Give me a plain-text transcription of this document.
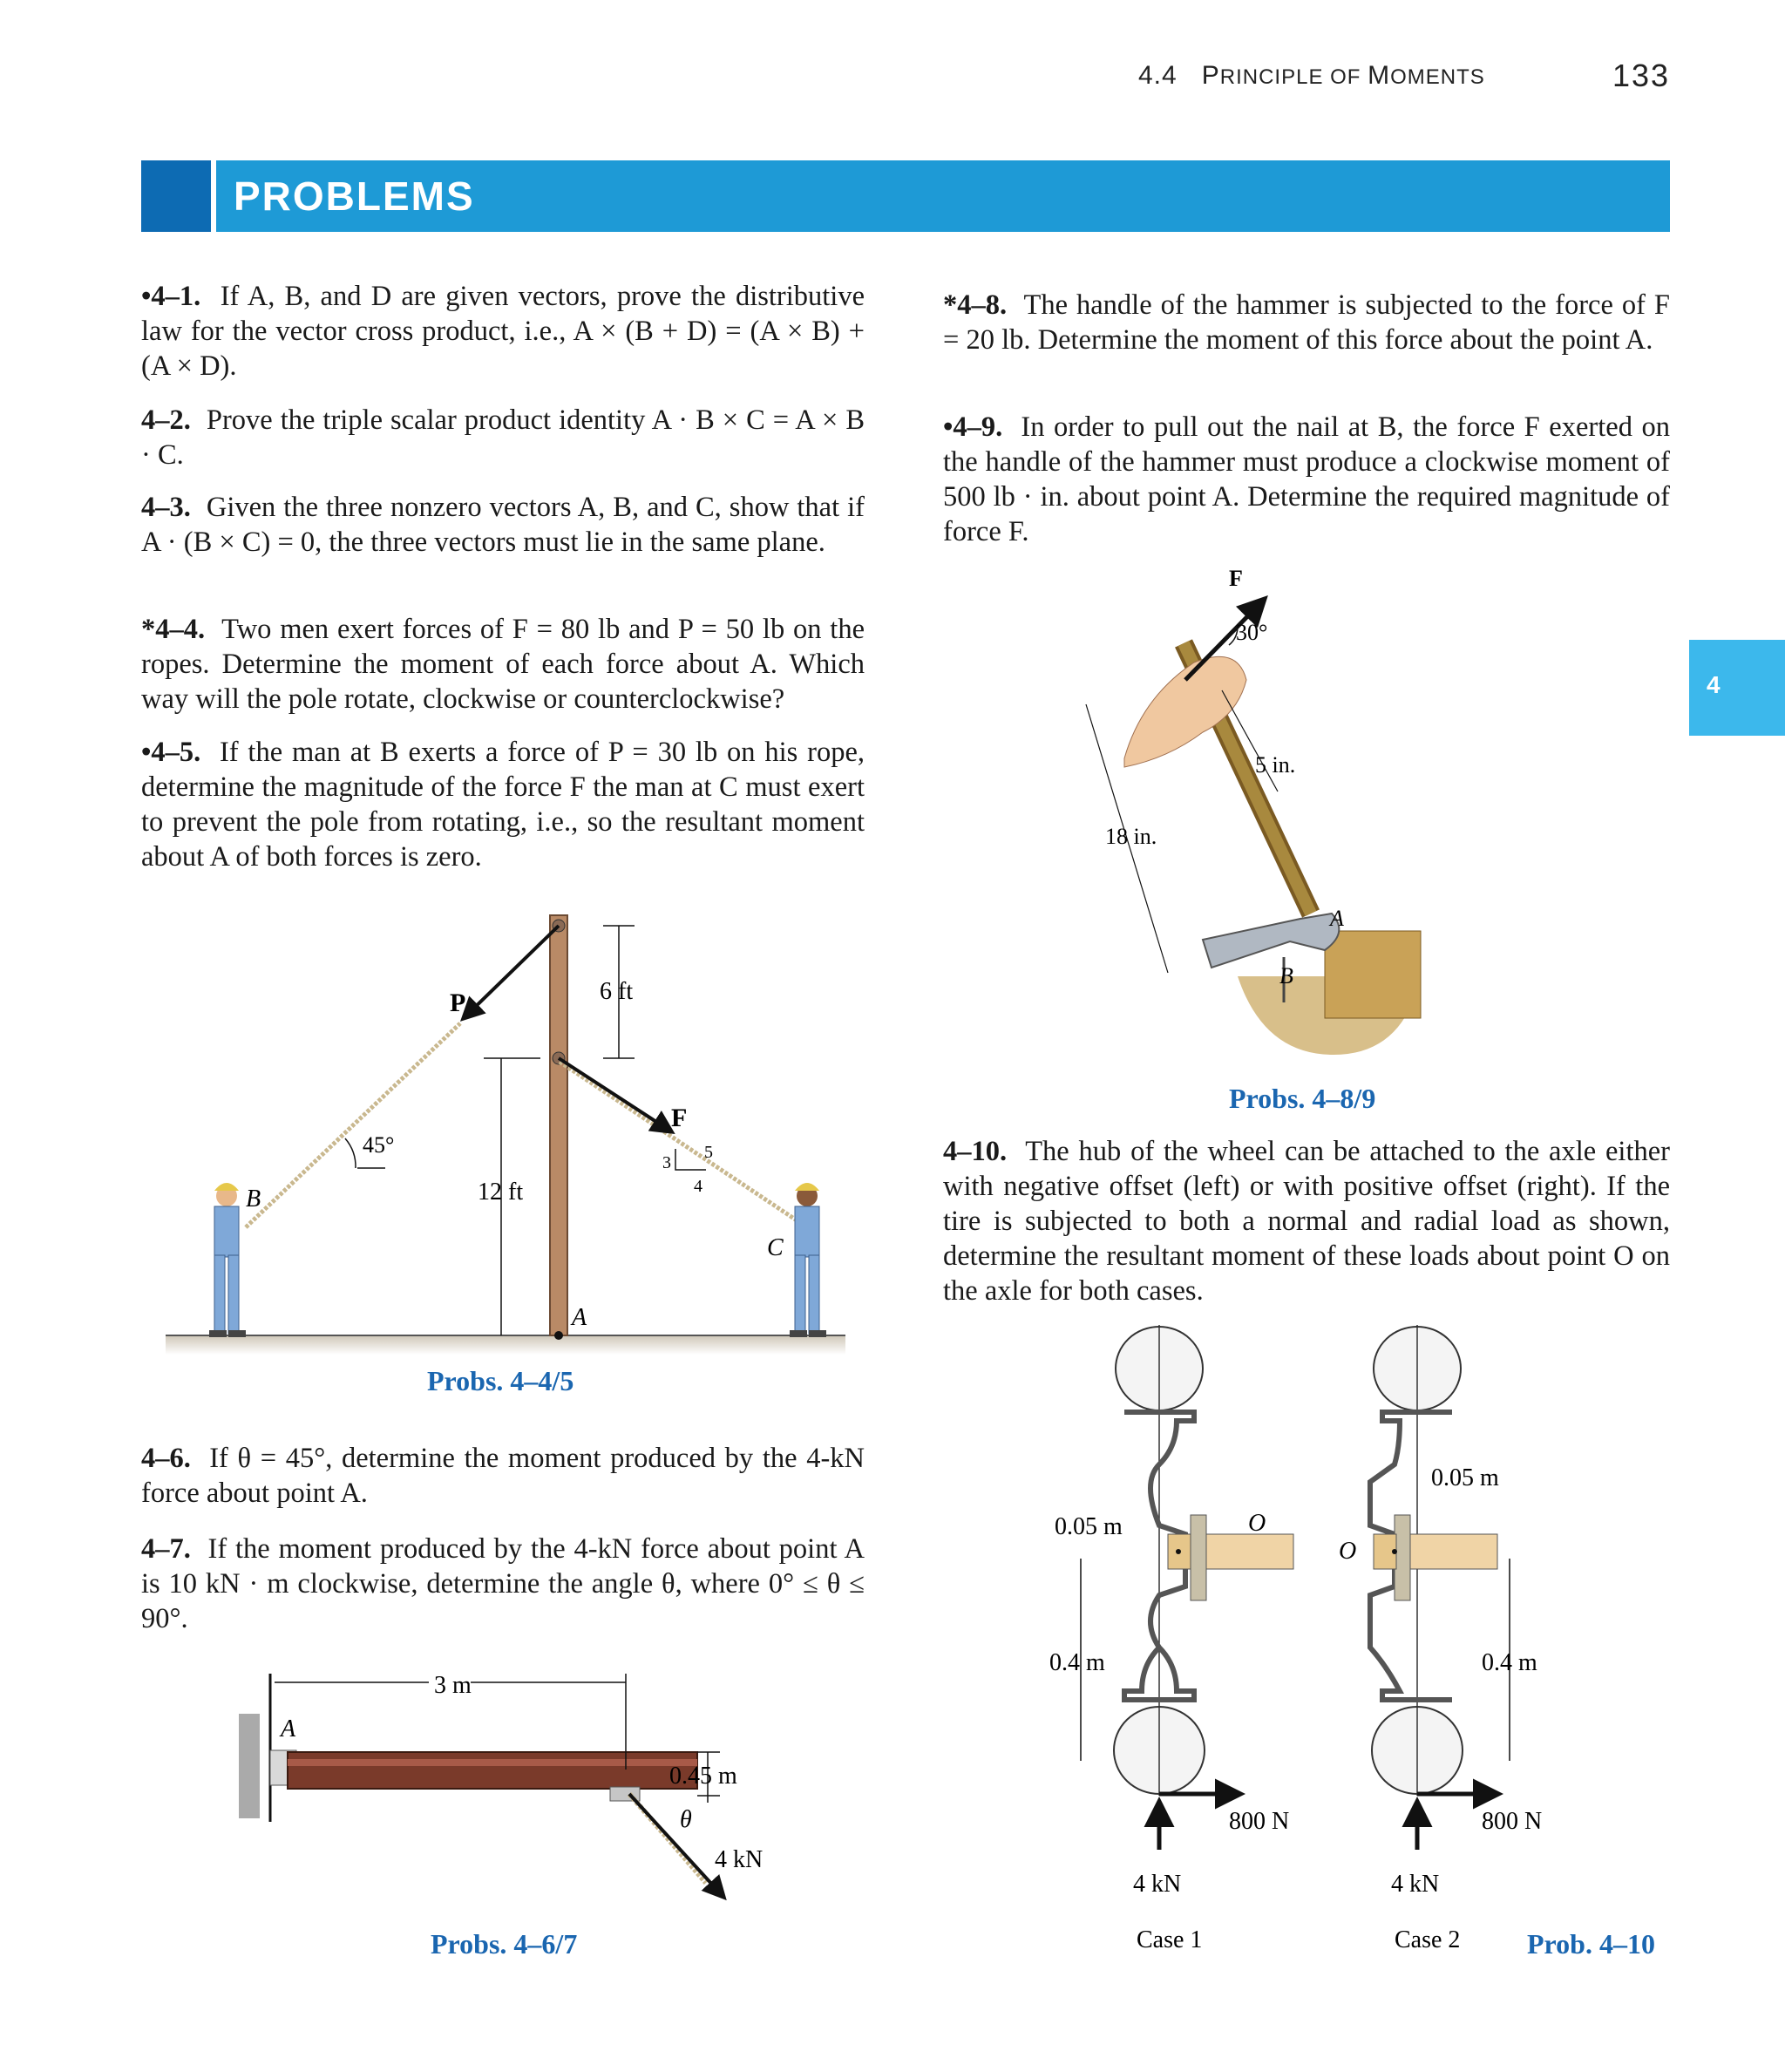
4.4 PRINCIPLE OF MOMENTS	133
PROBLEMS
4
•4–1. If A, B, and D are given vectors, prove the distributive law for the vector cross product, i.e., A × (B + D) = (A × B) + (A × D).
4–2. Prove the triple scalar product identity A · B × C = A × B · C.
4–3. Given the three nonzero vectors A, B, and C, show that if A · (B × C) = 0, the three vectors must lie in the same plane.
*4–4. Two men exert forces of F = 80 lb and P = 50 lb on the ropes. Determine the moment of each force about A. Which way will the pole rotate, clockwise or counterclockwise?
•4–5. If the man at B exerts a force of P = 30 lb on his rope, determine the magnitude of the force F the man at C must exert to prevent the pole from rotating, i.e., so the resultant moment about A of both forces is zero.
4–6. If θ = 45°, determine the moment produced by the 4-kN force about point A.
4–7. If the moment produced by the 4-kN force about point A is 10 kN · m clockwise, determine the angle θ, where 0° ≤ θ ≤ 90°.
*4–8. The handle of the hammer is subjected to the force of F = 20 lb. Determine the moment of this force about the point A.
•4–9. In order to pull out the nail at B, the force F exerted on the handle of the hammer must produce a clockwise moment of 500 lb · in. about point A. Determine the required magnitude of force F.
4–10. The hub of the wheel can be attached to the axle either with negative offset (left) or with positive offset (right). If the tire is subjected to both a normal and radial load as shown, determine the resultant moment of these loads about point O on the axle for both cases.
45°
3
5
4
6 ft
12 ft
B
C
P
F
A
Probs. 4–4/5
3 m
0.45 m
θ
4 kN
A
Probs. 4–6/7
F
30°
5 in.
18 in.
A
B
Probs. 4–8/9
0.05 m	O
0.4 m
800 N
4 kN
Case 1
0.05 m
O
0.4 m
800 N
4 kN
Case 2 Prob. 4–10
